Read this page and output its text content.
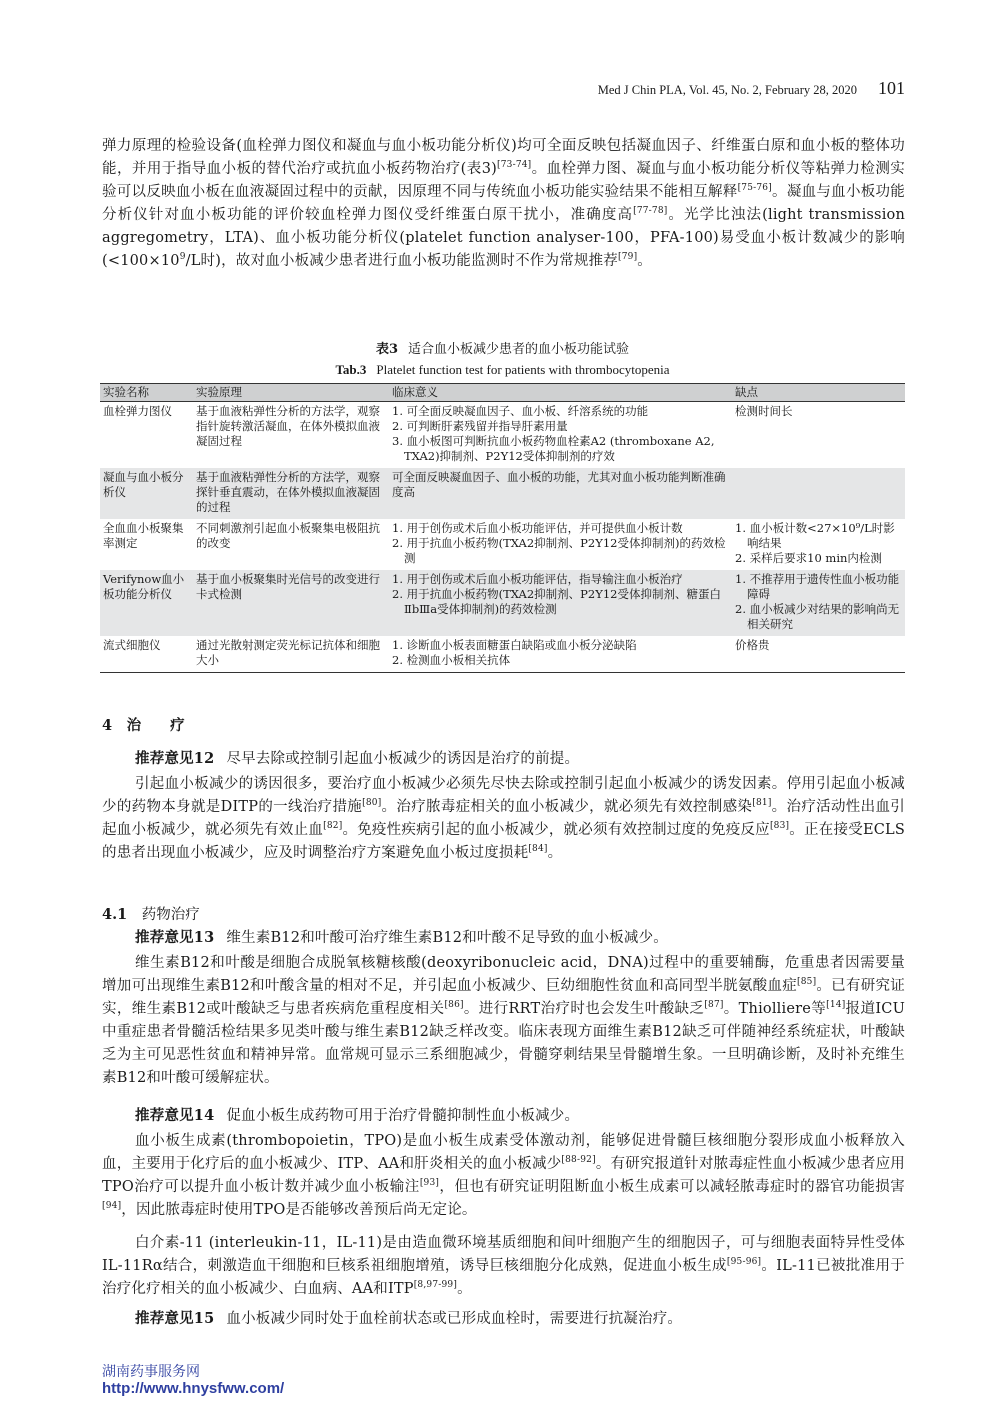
Med J Chin PLA, Vol. 45, No. 2, February 28, 2020 101

弹力原理的检验设备(血栓弹力图仪和凝血与血小板功能分析仪)均可全面反映包括凝血因子、纤维蛋白原和血小板的整体功能，并用于指导血小板的替代治疗或抗血小板药物治疗(表3)[73-74]。血栓弹力图、凝血与血小板功能分析仪等粘弹力检测实验可以反映血小板在血液凝固过程中的贡献，因原理不同与传统血小板功能实验结果不能相互解释[75-76]。凝血与血小板功能分析仪针对血小板功能的评价较血栓弹力图仪受纤维蛋白原干扰小，准确度高[77-78]。光学比浊法(light transmission aggregometry，LTA)、血小板功能分析仪(platelet function analyser-100，PFA-100)易受血小板计数减少的影响($<100\times 10^9/L$时)，故对血小板减少患者进行血小板功能监测时不作为常规推荐[79]。

表3 适合血小板减少患者的血小板功能试验
Tab.3 Platelet function test for patients with thrombocytopenia
实验名称	实验原理	临床意义	缺点
血栓弹力图仪	基于血液粘弹性分析的方法学，观察指针旋转激活凝血，在体外模拟血液凝固过程	1. 可全面反映凝血因子、血小板、纤溶系统的功能
2. 可判断肝素残留并指导肝素用量
3. 血小板图可判断抗血小板药物血栓素A2 (thromboxane A2, TXA2)抑制剂、P2Y12受体抑制剂的疗效	检测时间长
凝血与血小板分析仪	基于血液粘弹性分析的方法学，观察探针垂直震动，在体外模拟血液凝固的过程	可全面反映凝血因子、血小板的功能，尤其对血小板功能判断准确度高	
全血血小板聚集率测定	不同刺激剂引起血小板聚集电极阻抗的改变	1. 用于创伤或术后血小板功能评估，并可提供血小板计数
2. 用于抗血小板药物(TXA2抑制剂、P2Y12受体抑制剂)的药效检测	1. 血小板计数<27×10⁹/L时影响结果
2. 采样后要求10 min内检测

Verifynow血小板功能分析仪	基于血小板聚集时光信号的改变进行卡式检测	1. 用于创伤或术后血小板功能评估，指导输注血小板治疗
2. 用于抗血小板药物(TXA2抑制剂、P2Y12受体抑制剂、糖蛋白ⅡbⅢa受体抑制剂)的药效检测	1. 不推荐用于遗传性血小板功能障碍
2. 血小板减少对结果的影响尚无相关研究

流式细胞仪	通过光散射测定荧光标记抗体和细胞大小	1. 诊断血小板表面糖蛋白缺陷或血小板分泌缺陷
2. 检测血小板相关抗体	价格贵
4　治　　疗

推荐意见12 尽早去除或控制引起血小板减少的诱因是治疗的前提。

引起血小板减少的诱因很多，要治疗血小板减少必须先尽快去除或控制引起血小板减少的诱发因素。停用引起血小板减少的药物本身就是DITP的一线治疗措施[80]。治疗脓毒症相关的血小板减少，就必须先有效控制感染[81]。治疗活动性出血引起血小板减少，就必须先有效止血[82]。免疫性疾病引起的血小板减少，就必须有效控制过度的免疫反应[83]。正在接受ECLS的患者出现血小板减少，应及时调整治疗方案避免血小板过度损耗[84]。

4.1　药物治疗

推荐意见13 维生素B12和叶酸可治疗维生素B12和叶酸不足导致的血小板减少。

维生素B12和叶酸是细胞合成脱氧核糖核酸(deoxyribonucleic acid，DNA)过程中的重要辅酶，危重患者因需要量增加可出现维生素B12和叶酸含量的相对不足，并引起血小板减少、巨幼细胞性贫血和高同型半胱氨酸血症[85]。已有研究证实，维生素B12或叶酸缺乏与患者疾病危重程度相关[86]。进行RRT治疗时也会发生叶酸缺乏[87]。Thiolliere等[14]报道ICU中重症患者骨髓活检结果多见类叶酸与维生素B12缺乏样改变。临床表现方面维生素B12缺乏可伴随神经系统症状，叶酸缺乏为主可见恶性贫血和精神异常。血常规可显示三系细胞减少，骨髓穿刺结果呈骨髓增生象。一旦明确诊断，及时补充维生素B12和叶酸可缓解症状。

推荐意见14 促血小板生成药物可用于治疗骨髓抑制性血小板减少。

血小板生成素(thrombopoietin，TPO)是血小板生成素受体激动剂，能够促进骨髓巨核细胞分裂形成血小板释放入血，主要用于化疗后的血小板减少、ITP、AA和肝炎相关的血小板减少[88-92]。有研究报道针对脓毒症性血小板减少患者应用TPO治疗可以提升血小板计数并减少血小板输注[93]，但也有研究证明阻断血小板生成素可以减轻脓毒症时的器官功能损害[94]，因此脓毒症时使用TPO是否能够改善预后尚无定论。

白介素-11 (interleukin-11，IL-11)是由造血微环境基质细胞和间叶细胞产生的细胞因子，可与细胞表面特异性受体IL-11Rα结合，刺激造血干细胞和巨核系祖细胞增殖，诱导巨核细胞分化成熟，促进血小板生成[95-96]。IL-11已被批准用于治疗化疗相关的血小板减少、白血病、AA和ITP[8,97-99]。

推荐意见15 血小板减少同时处于血栓前状态或已形成血栓时，需要进行抗凝治疗。

湖南药事服务网
http://www.hnysfww.com/
